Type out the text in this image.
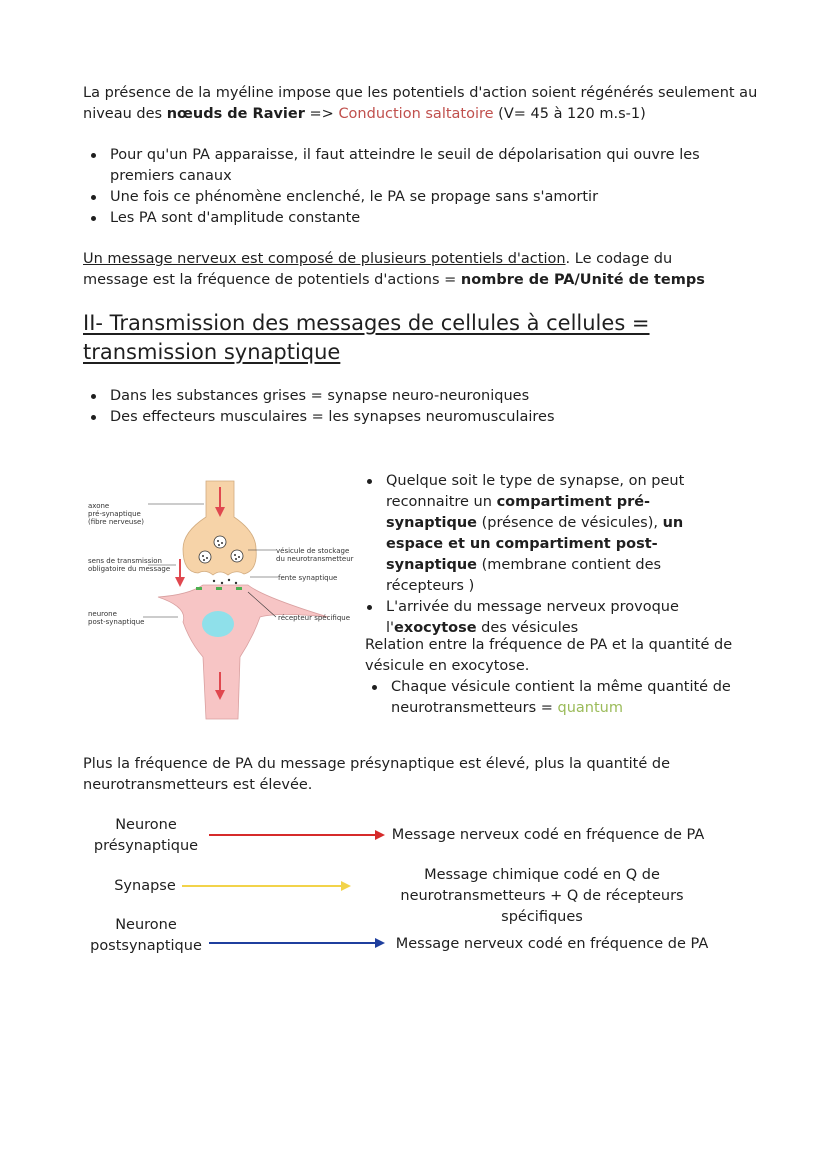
La présence de la myéline impose que les potentiels d'action soient régénérés seulement au

niveau des nœuds de Ravier => Conduction saltatoire (V= 45 à 120 m.s-1)

Pour qu'un PA apparaisse, il faut atteindre le seuil de dépolarisation qui ouvre les premiers canaux
Une fois ce phénomène enclenché, le PA se propage sans s'amortir
Les PA sont d'amplitude constante

Un message nerveux est composé de plusieurs potentiels d'action. Le codage du message est la fréquence de potentiels d'actions = nombre de PA/Unité de temps

II- Transmission des messages de cellules à cellules = transmission synaptique
Dans les substances grises = synapse neuro-neuroniques
Des effecteurs musculaires = les synapses neuromusculaires
axone
pré-synaptique
(fibre nerveuse)
sens de transmission
obligatoire du message
neurone
post-synaptique
vésicule de stockage
du neurotransmetteur
fente synaptique
récepteur spécifique
Quelque soit le type de synapse, on peut reconnaitre un compartiment pré-synaptique (présence de vésicules), un espace et un compartiment post-synaptique (membrane contient des récepteurs )
L'arrivée du message nerveux provoque l'exocytose des vésicules

Relation entre la fréquence de PA et la quantité de vésicule en exocytose.

Chaque vésicule contient la même quantité de neurotransmetteurs = quantum

Plus la fréquence de PA du message présynaptique est élevé, plus la quantité de neurotransmetteurs est élevée.

Neurone présynaptique
Message nerveux codé en fréquence de PA
Synapse
Message chimique codé en Q de neurotransmetteurs + Q de récepteurs spécifiques
Neurone postsynaptique	Message nerveux codé en fréquence de PA
